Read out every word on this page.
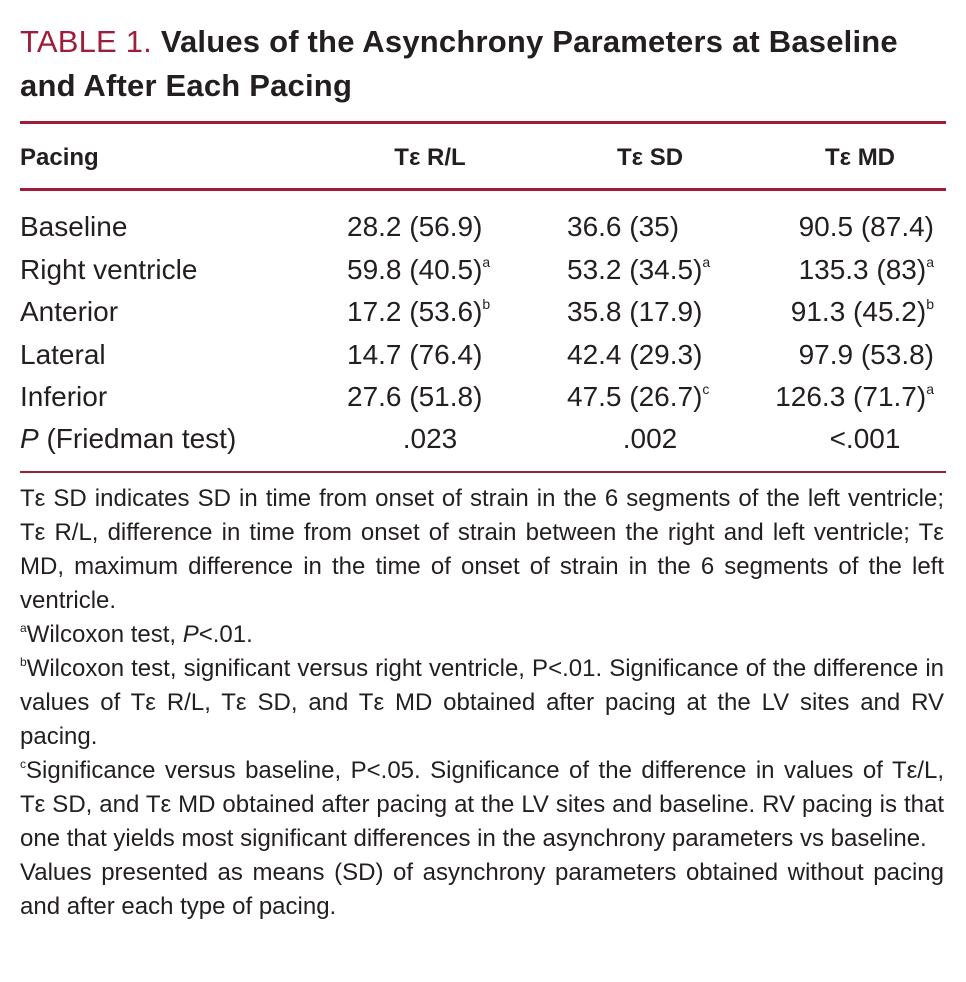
TABLE 1. Values of the Asynchrony Parameters at Baseline and After Each Pacing
Pacing	Tε R/L	Tε SD	Tε MD
Baseline	28.2 (56.9)	36.6 (35)	90.5 (87.4)
Right ventricle	59.8 $(40.5)^a$	53.2 $(34.5)^a$	135.3 $(83)^a$
Anterior	17.2 $(53.6)^b$	35.8 (17.9)	91.3 $(45.2)^b$
Lateral	14.7 (76.4)	42.4 (29.3)	97.9 (53.8)
Inferior	27.6 (51.8)	47.5 $(26.7)^c$	126.3 $(71.7)^a$
P (Friedman test)	.023	.002	<.001

Tε SD indicates SD in time from onset of strain in the 6 segments of the left ventricle; Tε R/L, difference in time from onset of strain between the right and left ventricle; Tε MD, maximum difference in the time of onset of strain in the 6 segments of the left ventricle.

$^a$Wilcoxon test, P<.01.

$^b$Wilcoxon test, significant versus right ventricle, P<.01. Significance of the difference in values of Tε R/L, Tε SD, and Tε MD obtained after pacing at the LV sites and RV pacing.

$^c$Significance versus baseline, P<.05. Significance of the difference in values of Tε/L, Tε SD, and Tε MD obtained after pacing at the LV sites and baseline. RV pacing is that one that yields most significant differences in the asynchrony parameters vs baseline.

Values presented as means (SD) of asynchrony parameters obtained without pacing and after each type of pacing.
